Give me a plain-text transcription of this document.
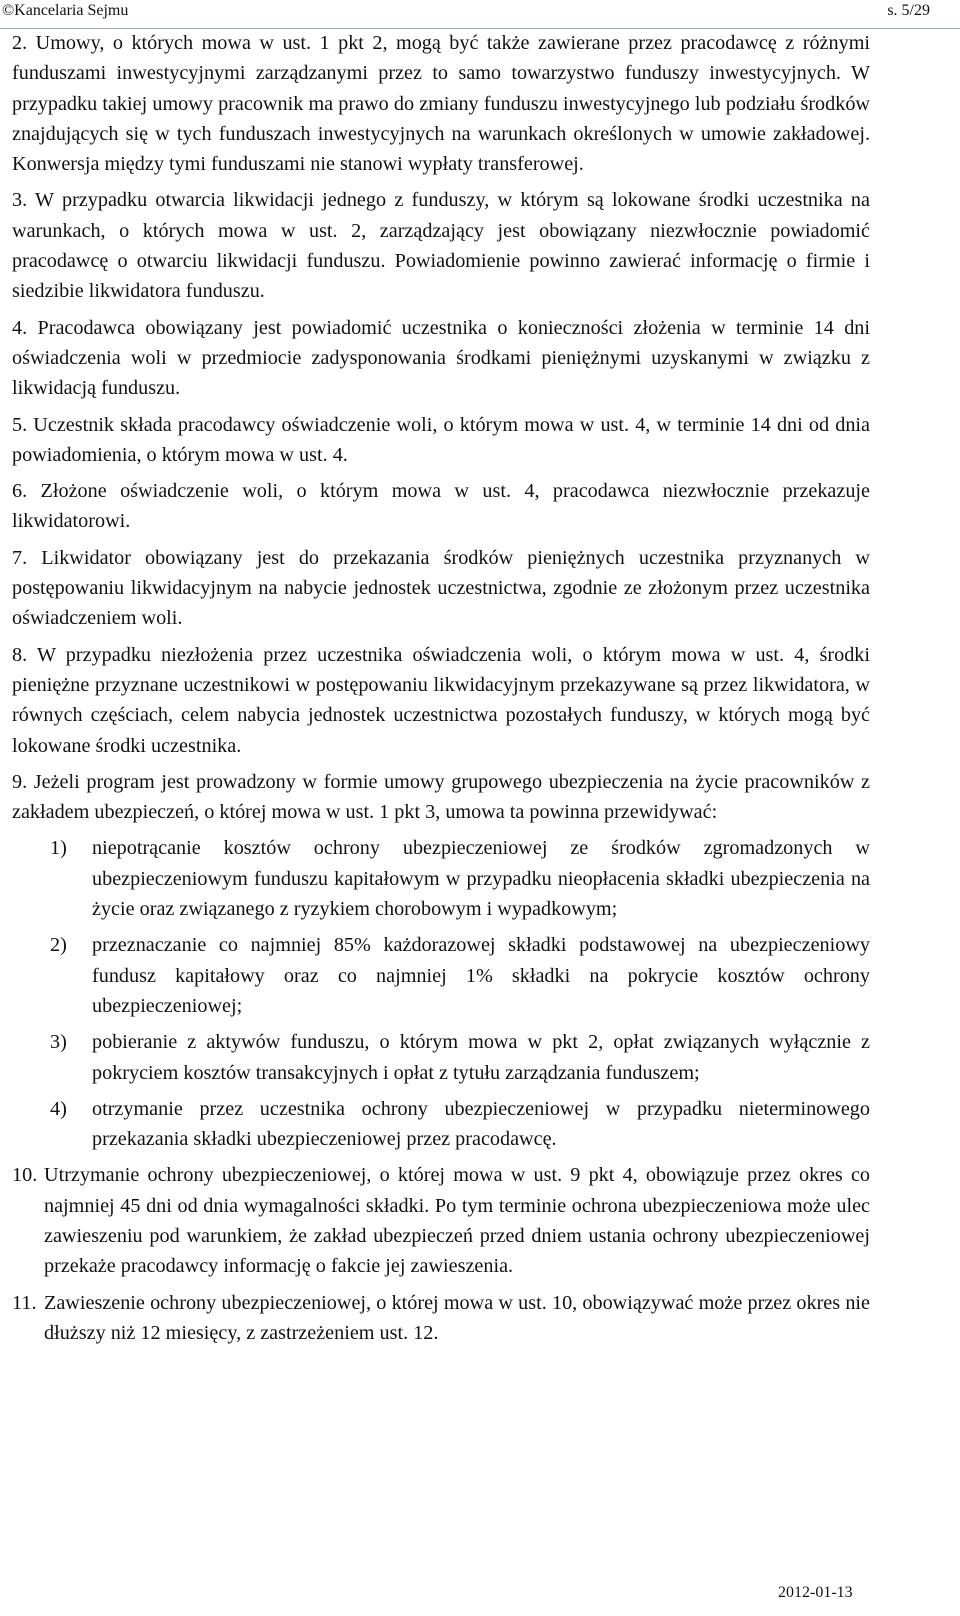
©Kancelaria Sejmu	s. 5/29

2. Umowy, o których mowa w ust. 1 pkt 2, mogą być także zawierane przez pracodawcę z różnymi funduszami inwestycyjnymi zarządzanymi przez to samo towarzystwo funduszy inwestycyjnych. W przypadku takiej umowy pracownik ma prawo do zmiany funduszu inwestycyjnego lub podziału środków znajdujących się w tych funduszach inwestycyjnych na warunkach określonych w umowie zakładowej. Konwersja między tymi funduszami nie stanowi wypłaty transferowej.

3. W przypadku otwarcia likwidacji jednego z funduszy, w którym są lokowane środki uczestnika na warunkach, o których mowa w ust. 2, zarządzający jest obowiązany niezwłocznie powiadomić pracodawcę o otwarciu likwidacji funduszu. Powiadomienie powinno zawierać informację o firmie i siedzibie likwidatora funduszu.

4. Pracodawca obowiązany jest powiadomić uczestnika o konieczności złożenia w terminie 14 dni oświadczenia woli w przedmiocie zadysponowania środkami pieniężnymi uzyskanymi w związku z likwidacją funduszu.

5. Uczestnik składa pracodawcy oświadczenie woli, o którym mowa w ust. 4, w terminie 14 dni od dnia powiadomienia, o którym mowa w ust. 4.

6. Złożone oświadczenie woli, o którym mowa w ust. 4, pracodawca niezwłocznie przekazuje likwidatorowi.

7. Likwidator obowiązany jest do przekazania środków pieniężnych uczestnika przyznanych w postępowaniu likwidacyjnym na nabycie jednostek uczestnictwa, zgodnie ze złożonym przez uczestnika oświadczeniem woli.

8. W przypadku niezłożenia przez uczestnika oświadczenia woli, o którym mowa w ust. 4, środki pieniężne przyznane uczestnikowi w postępowaniu likwidacyjnym przekazywane są przez likwidatora, w równych częściach, celem nabycia jednostek uczestnictwa pozostałych funduszy, w których mogą być lokowane środki uczestnika.

9. Jeżeli program jest prowadzony w formie umowy grupowego ubezpieczenia na życie pracowników z zakładem ubezpieczeń, o której mowa w ust. 1 pkt 3, umowa ta powinna przewidywać:

1) niepotrącanie kosztów ochrony ubezpieczeniowej ze środków zgromadzonych w ubezpieczeniowym funduszu kapitałowym w przypadku nieopłacenia składki ubezpieczenia na życie oraz związanego z ryzykiem chorobowym i wypadkowym;
2) przeznaczanie co najmniej 85% każdorazowej składki podstawowej na ubezpieczeniowy fundusz kapitałowy oraz co najmniej 1% składki na pokrycie kosztów ochrony ubezpieczeniowej;
3) pobieranie z aktywów funduszu, o którym mowa w pkt 2, opłat związanych wyłącznie z pokryciem kosztów transakcyjnych i opłat z tytułu zarządzania funduszem;
4) otrzymanie przez uczestnika ochrony ubezpieczeniowej w przypadku nieterminowego przekazania składki ubezpieczeniowej przez pracodawcę.
10. Utrzymanie ochrony ubezpieczeniowej, o której mowa w ust. 9 pkt 4, obowiązuje przez okres co najmniej 45 dni od dnia wymagalności składki. Po tym terminie ochrona ubezpieczeniowa może ulec zawieszeniu pod warunkiem, że zakład ubezpieczeń przed dniem ustania ochrony ubezpieczeniowej przekaże pracodawcy informację o fakcie jej zawieszenia.
11. Zawieszenie ochrony ubezpieczeniowej, o której mowa w ust. 10, obowiązywać może przez okres nie dłuższy niż 12 miesięcy, z zastrzeżeniem ust. 12.
2012-01-13
